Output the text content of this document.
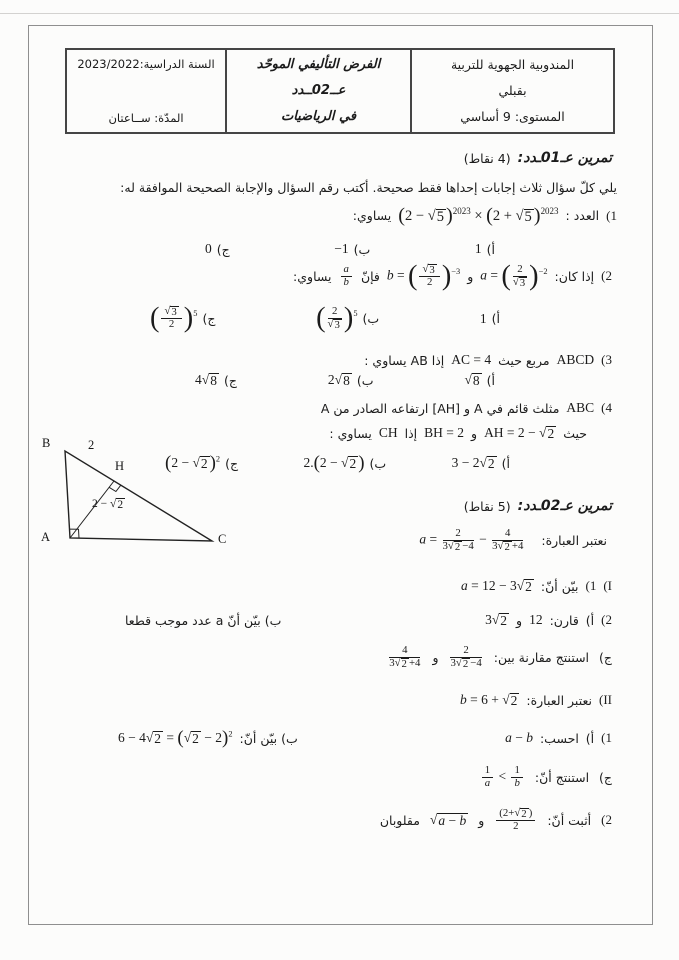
المندوبية الجهوية للتربية
بقبلي
المستوى: 9 أساسي
الفرض التأليفي الموحّد
عــ02ــدد
في الرياضيات
السنة الدراسية:2023/2022
المدّة: ســاعتان
تمرين عـ01ـدد:
(4 نقاط)
يلي كلّ سؤال ثلاث إجابات إحداها فقط صحيحة. أكتب رقم السؤال والإجابة الصحيحة الموافقة له:
(1
العدد :
(2 − √ 5 )$^{2023}$ × (2 + √ 5 )$^{2023}$
يساوي:
أ)
1
ب)
−1
ج)
0
(2
إذا كان:
a = ( $\frac{2}{√ 3} )^{-2}$
و
b = ( $\frac{√ 3}{2} )^{-3}$
فإنّ
$\frac{a}{b}$
يساوي:
أ)
1
ب)
( $\frac{2}{√ 3} )^5$
ج)
( $\frac{√ 3}{2} )^5$
(3
ABCD
مربع حيث
AC = 4
إذا AB يساوي :
أ)
√ 8
ب)
2 √ 8
ج)
4 √ 8
(4
ABC
مثلث قائم في A و [AH] ارتفاعه الصادر من A
حيث
AH = 2 − √ 2
و
BH = 2
إذا
CH
يساوي :
أ)
3 − 2 √ 2
ب)
2.(2 − √ 2 )
ج)
(2 − √ 2 )$^2$
B
A	C
H
2
2 − √ 2	تمرين عـ02ـدد:
(5 نقاط)
نعتبر العبارة:
$a = \frac{2}{3 √ 2 -4} - \frac{4}{3 √ 2 +4}$
(I
(1
بيّن أنّ:
a = 12 − 3 √ 2
(2
أ)
قارن:
12
و
3 √ 2
ب) بيّن أنّ a عدد موجب قطعا
ج)
استنتج مقارنة بين:
$\frac{2}{3 √ 2 -4}$
و
$\frac{4}{3 √ 2 +4}$
(II
نعتبر العبارة:
b = 6 + √ 2
(1
أ)
احسب:
a − b
ب) بيّن أنّ:
6 − 4 √ 2 = ( √ 2 − 2)$^2$
ج)
استنتج أنّ:
$\frac{1}{a} < \frac{1}{b}$
(2
أثبت أنّ:
$\frac{(2+ √ 2 )}{2}$
و
√ a − b
مقلوبان
